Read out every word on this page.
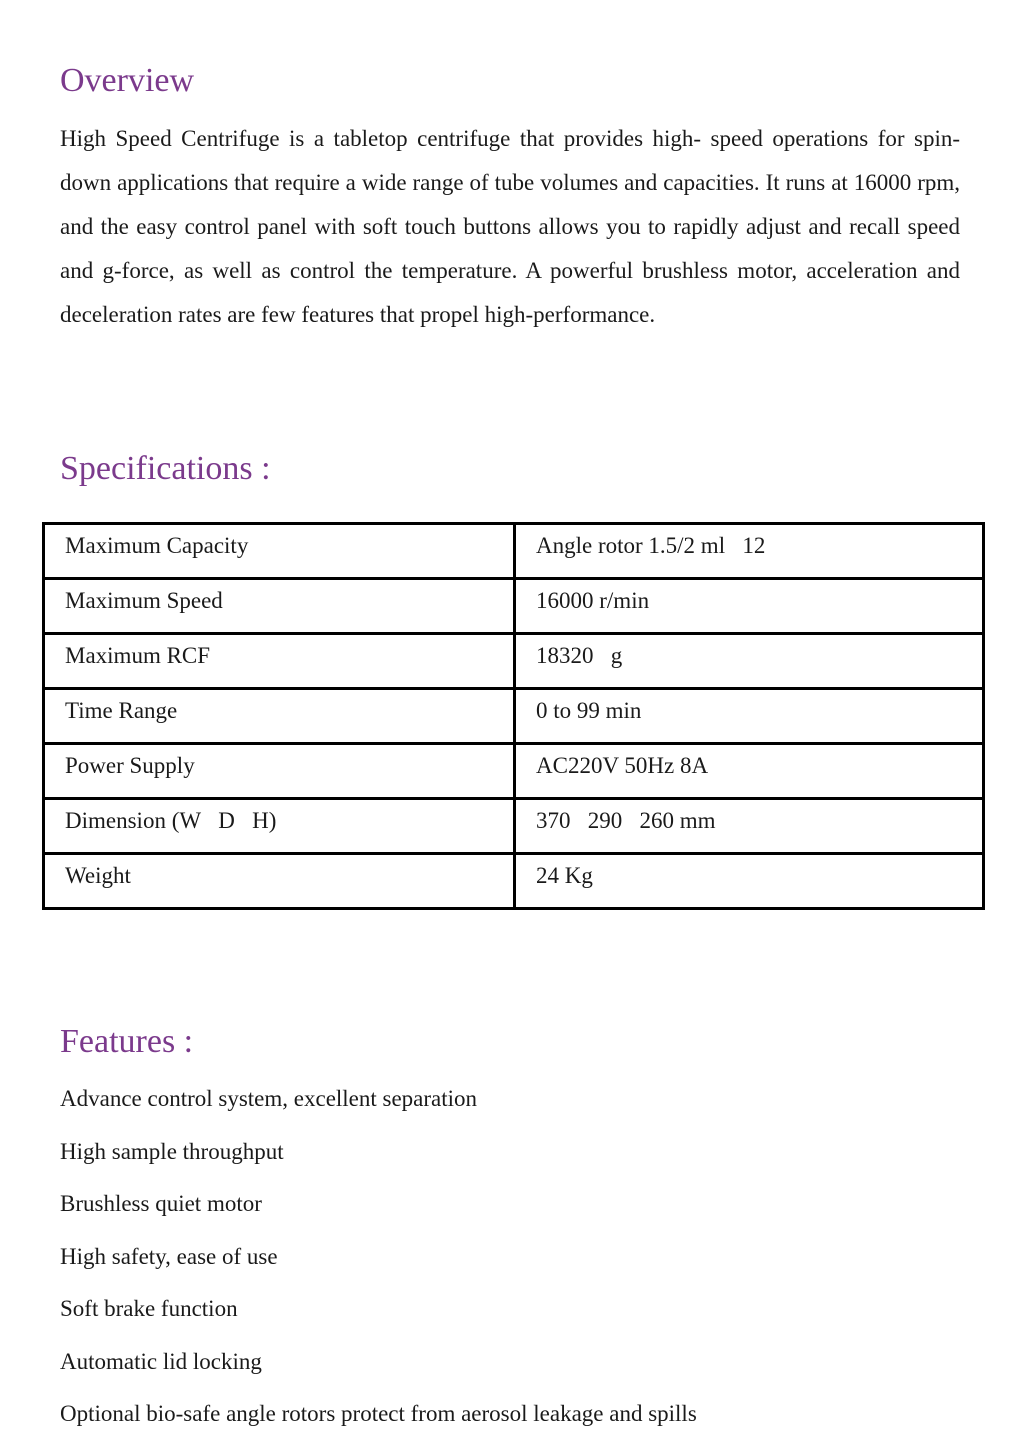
Overview

High Speed Centrifuge is a tabletop centrifuge that provides high- speed operations for spin-down applications that require a wide range of tube volumes and capacities. It runs at 16000 rpm, and the easy control panel with soft touch buttons allows you to rapidly adjust and recall speed and g-force, as well as control the temperature. A powerful brushless motor, acceleration and deceleration rates are few features that propel high-performance.

Specifications :
Maximum Capacity	Angle rotor 1.5/2 ml   12
Maximum Speed	16000 r/min
Maximum RCF	18320   g
Time Range	0 to 99 min
Power Supply	AC220V 50Hz 8A
Dimension (W   D   H)	370   290   260 mm
Weight	24 Kg
Features :
Advance control system, excellent separation
High sample throughput
Brushless quiet motor
High safety, ease of use
Soft brake function
Automatic lid locking
Optional bio-safe angle rotors protect from aerosol leakage and spills
